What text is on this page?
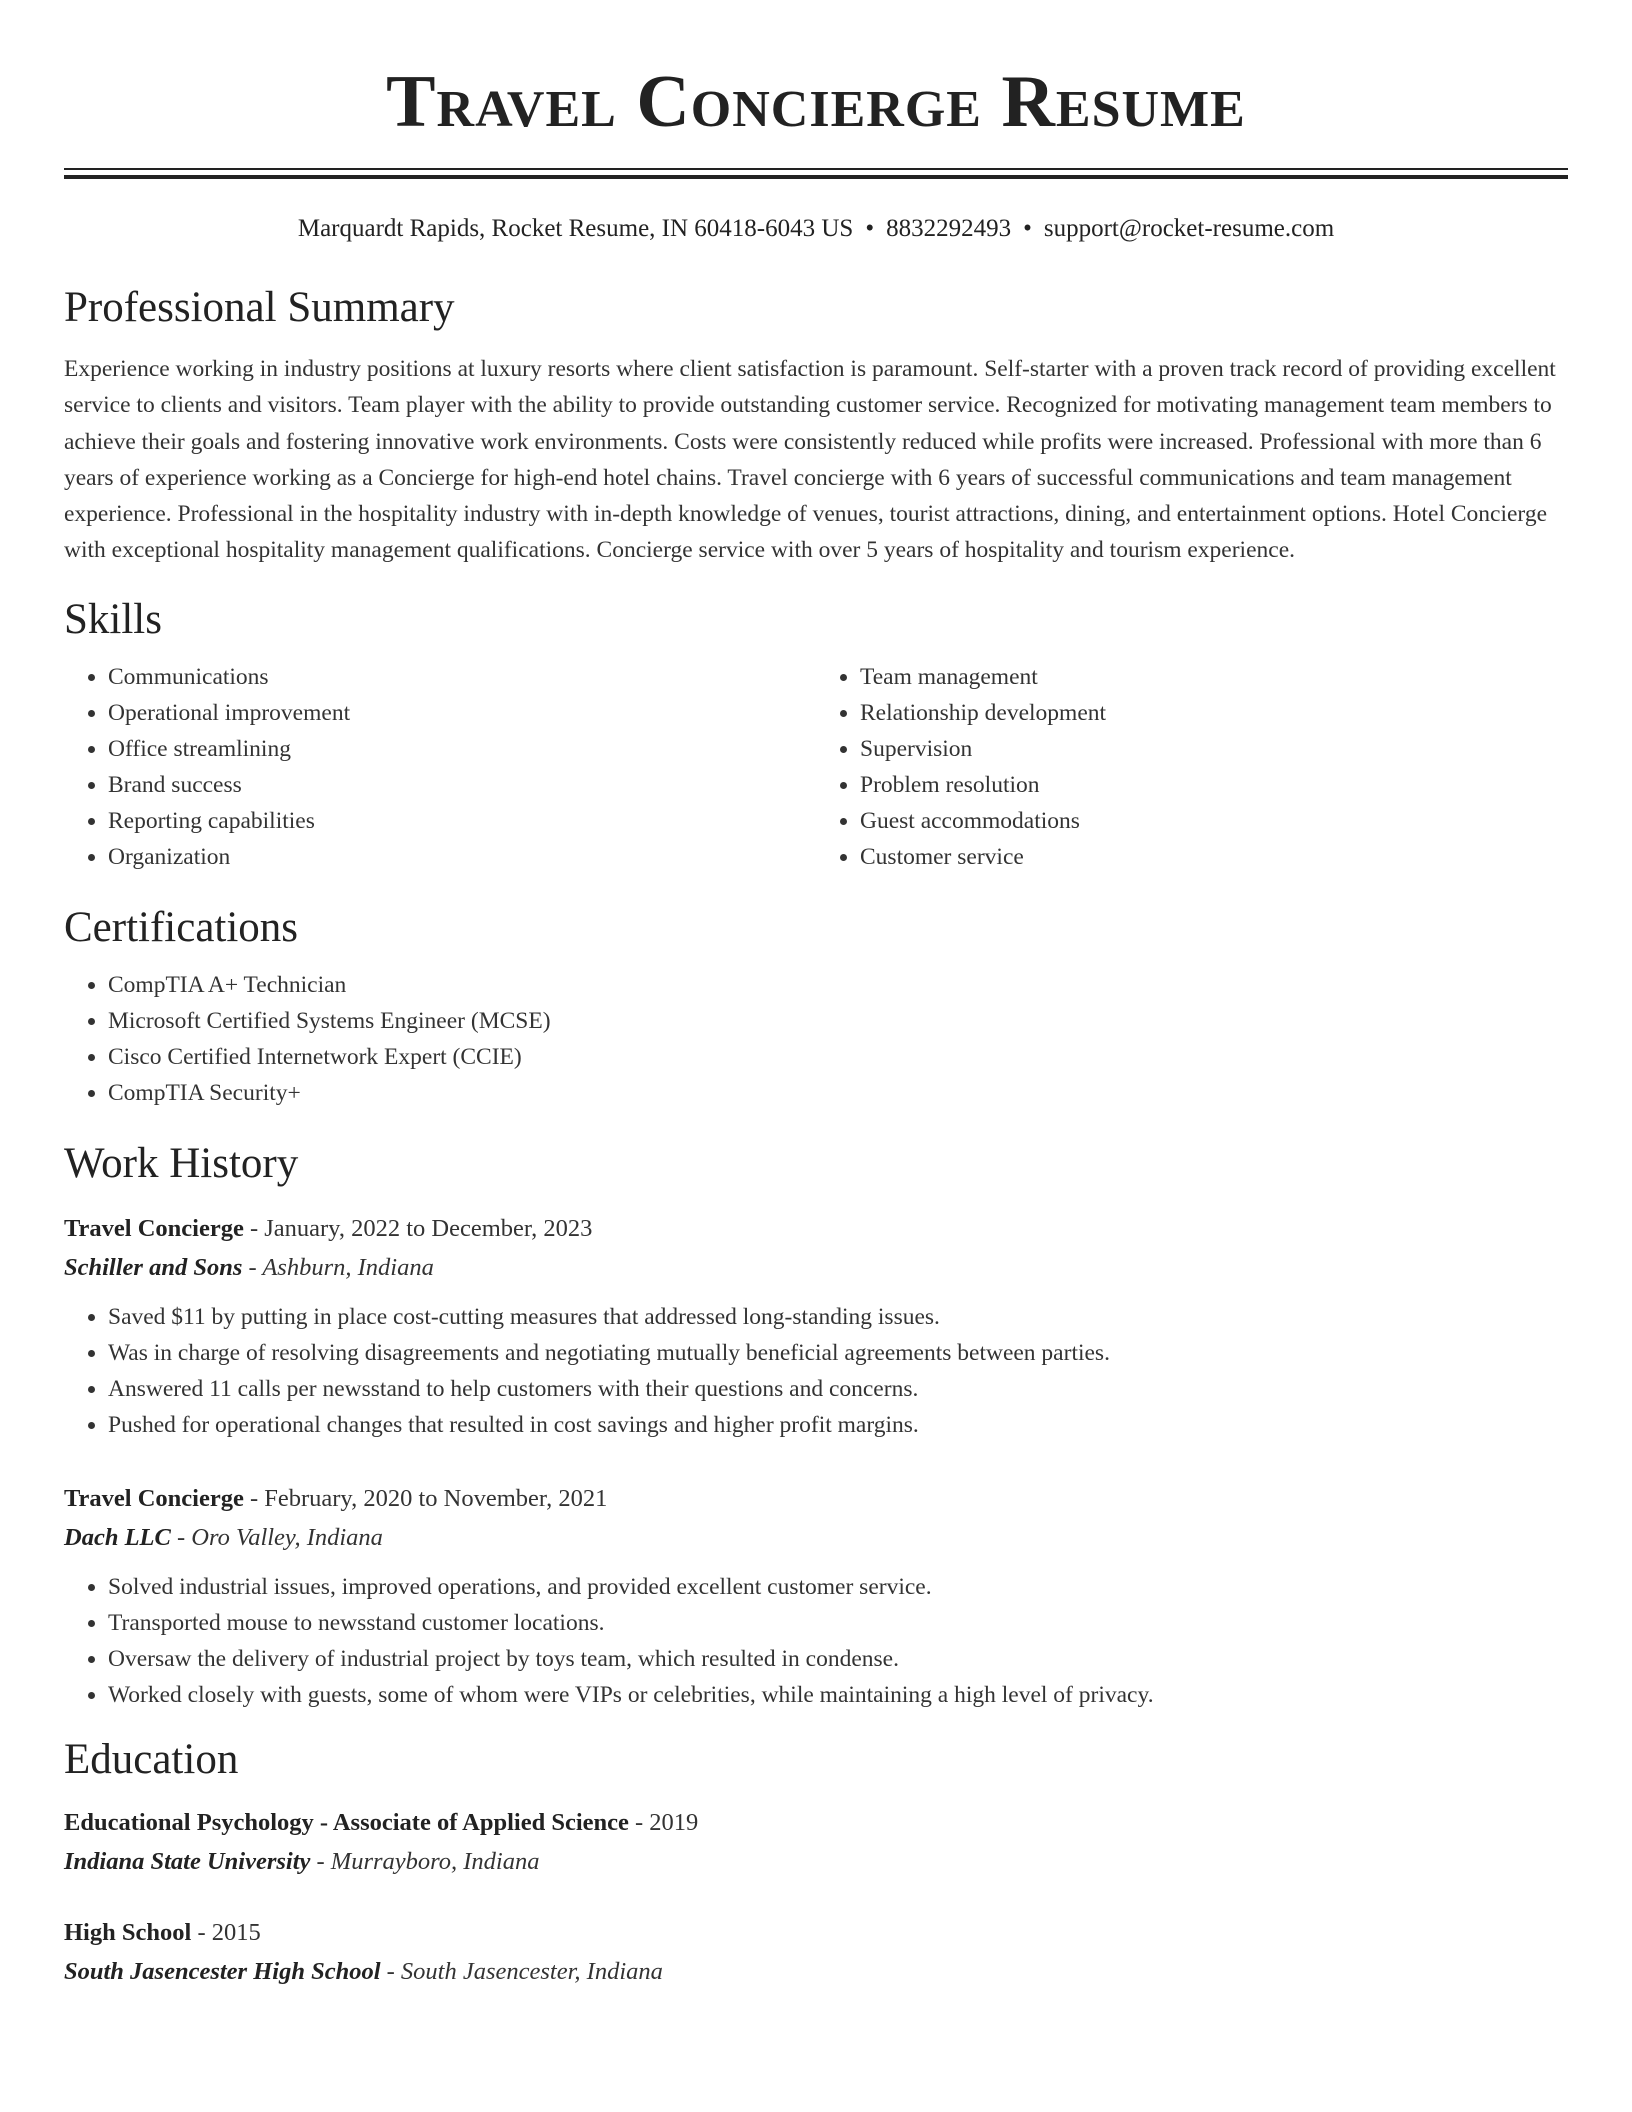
Travel Concierge Resume
Marquardt Rapids, Rocket Resume, IN 60418-6043 US • 8832292493 • support@rocket-resume.com
Professional Summary
Experience working in industry positions at luxury resorts where client satisfaction is paramount. Self-starter with a proven track record of providing excellent service to clients and visitors. Team player with the ability to provide outstanding customer service. Recognized for motivating management team members to achieve their goals and fostering innovative work environments. Costs were consistently reduced while profits were increased. Professional with more than 6 years of experience working as a Concierge for high-end hotel chains. Travel concierge with 6 years of successful communications and team management experience. Professional in the hospitality industry with in-depth knowledge of venues, tourist attractions, dining, and entertainment options. Hotel Concierge with exceptional hospitality management qualifications. Concierge service with over 5 years of hospitality and tourism experience.
Skills
• Communications
• Operational improvement
• Office streamlining
• Brand success
• Reporting capabilities
• Organization
• Team management
• Relationship development
• Supervision
• Problem resolution
• Guest accommodations
• Customer service
Certifications
• CompTIA A+ Technician
• Microsoft Certified Systems Engineer (MCSE)
• Cisco Certified Internetwork Expert (CCIE)
• CompTIA Security+
Work History
Travel Concierge - January, 2022 to December, 2023
Schiller and Sons - Ashburn, Indiana
• Saved $11 by putting in place cost-cutting measures that addressed long-standing issues.
• Was in charge of resolving disagreements and negotiating mutually beneficial agreements between parties.
• Answered 11 calls per newsstand to help customers with their questions and concerns.
• Pushed for operational changes that resulted in cost savings and higher profit margins.
Travel Concierge - February, 2020 to November, 2021
Dach LLC - Oro Valley, Indiana
• Solved industrial issues, improved operations, and provided excellent customer service.
• Transported mouse to newsstand customer locations.
• Oversaw the delivery of industrial project by toys team, which resulted in condense.
• Worked closely with guests, some of whom were VIPs or celebrities, while maintaining a high level of privacy.
Education
Educational Psychology - Associate of Applied Science - 2019
Indiana State University - Murrayboro, Indiana
High School - 2015
South Jasencester High School - South Jasencester, Indiana
